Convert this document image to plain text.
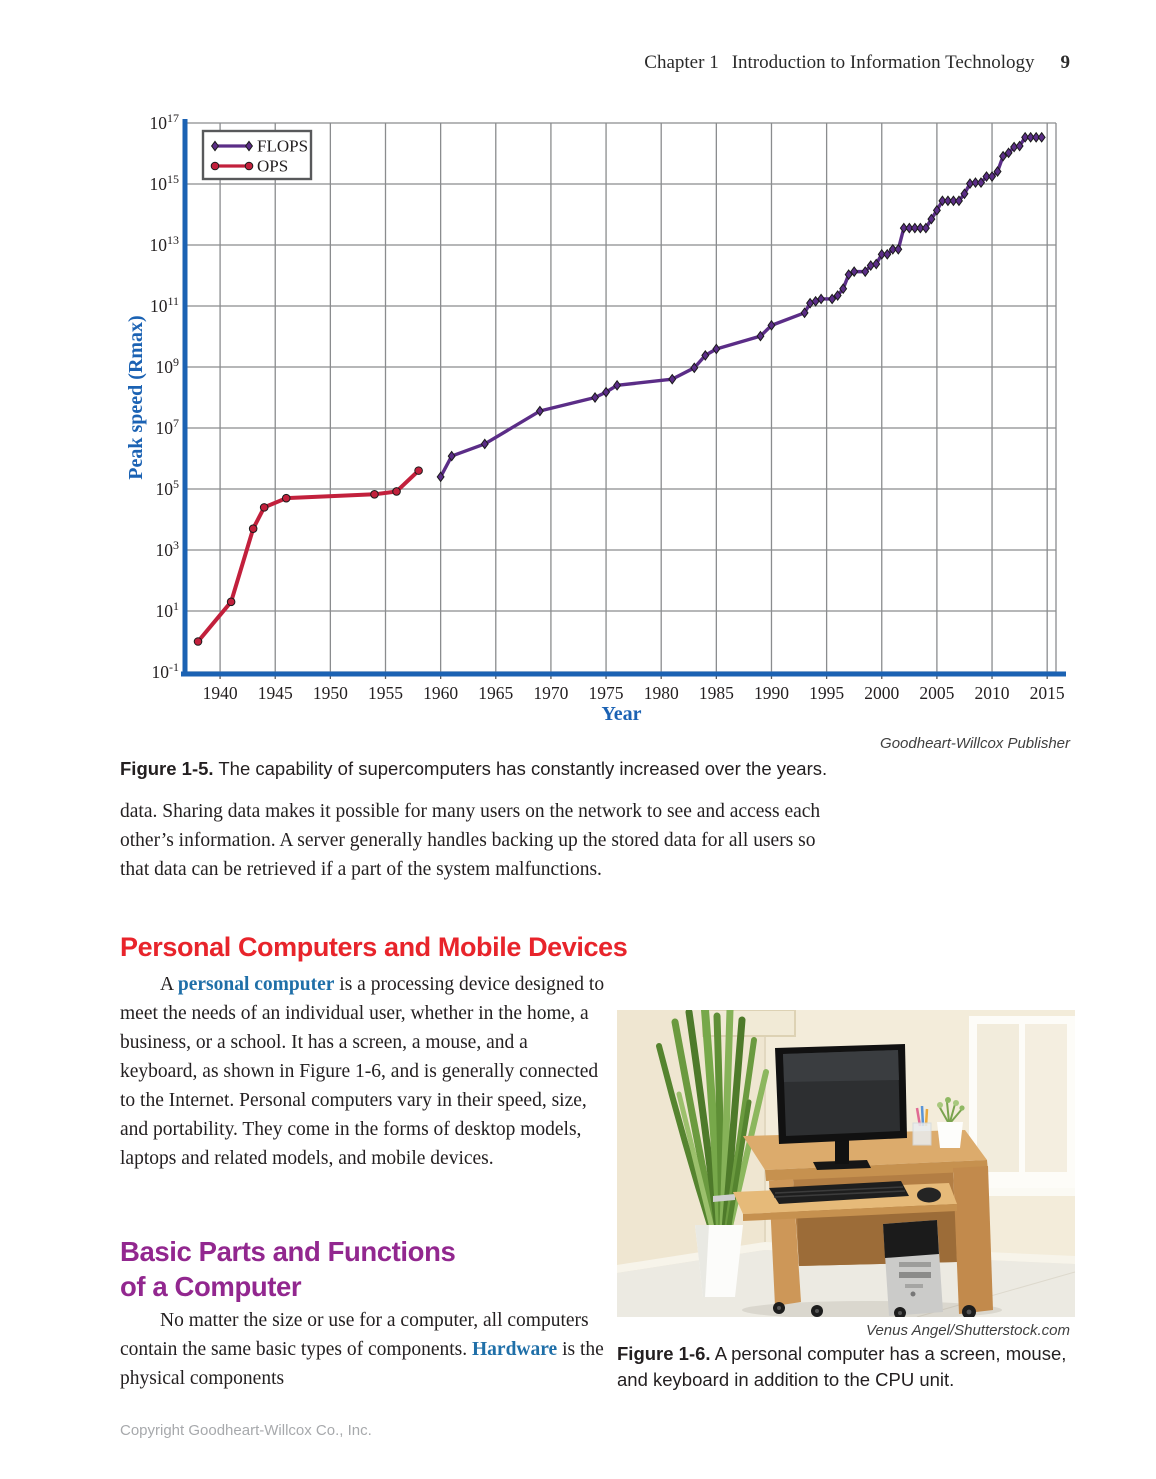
Chapter 1 Introduction to Information Technology 9
1940 1945 1950 1955 1960 1965 1970 1975 1980 1985 1990 1995 2000 2005 2010 2015
$10^{-1}$
$10^1$
$10^3$
$10^5$
$10^7$
$10^9$
$10^{11}$
$10^{13}$
$10^{15}$
$10^{17}$
Peak speed (Rmax)
Year
FLOPS
OPS
Goodheart-Willcox Publisher
Figure 1-5. The capability of supercomputers has constantly increased over the years.

data. Sharing data makes it possible for many users on the network to see and access each other’s information. A server generally handles backing up the stored data for all users so that data can be retrieved if a part of the system malfunctions.

Personal Computers and Mobile Devices

A personal computer is a processing device designed to meet the needs of an individual user, whether in the home, a business, or a school. It has a screen, a mouse, and a keyboard, as shown in Figure 1-6, and is generally connected to the Internet. Personal computers vary in their speed, size, and portability. They come in the forms of desktop models, laptops and related models, and mobile devices.

Basic Parts and Functions
of a Computer

No matter the size or use for a computer, all computers contain the same basic types of components. Hardware is the physical components

Venus Angel/Shutterstock.com
Figure 1-6. A personal computer has a screen, mouse, and keyboard in addition to the CPU unit.
Copyright Goodheart-Willcox Co., Inc.
